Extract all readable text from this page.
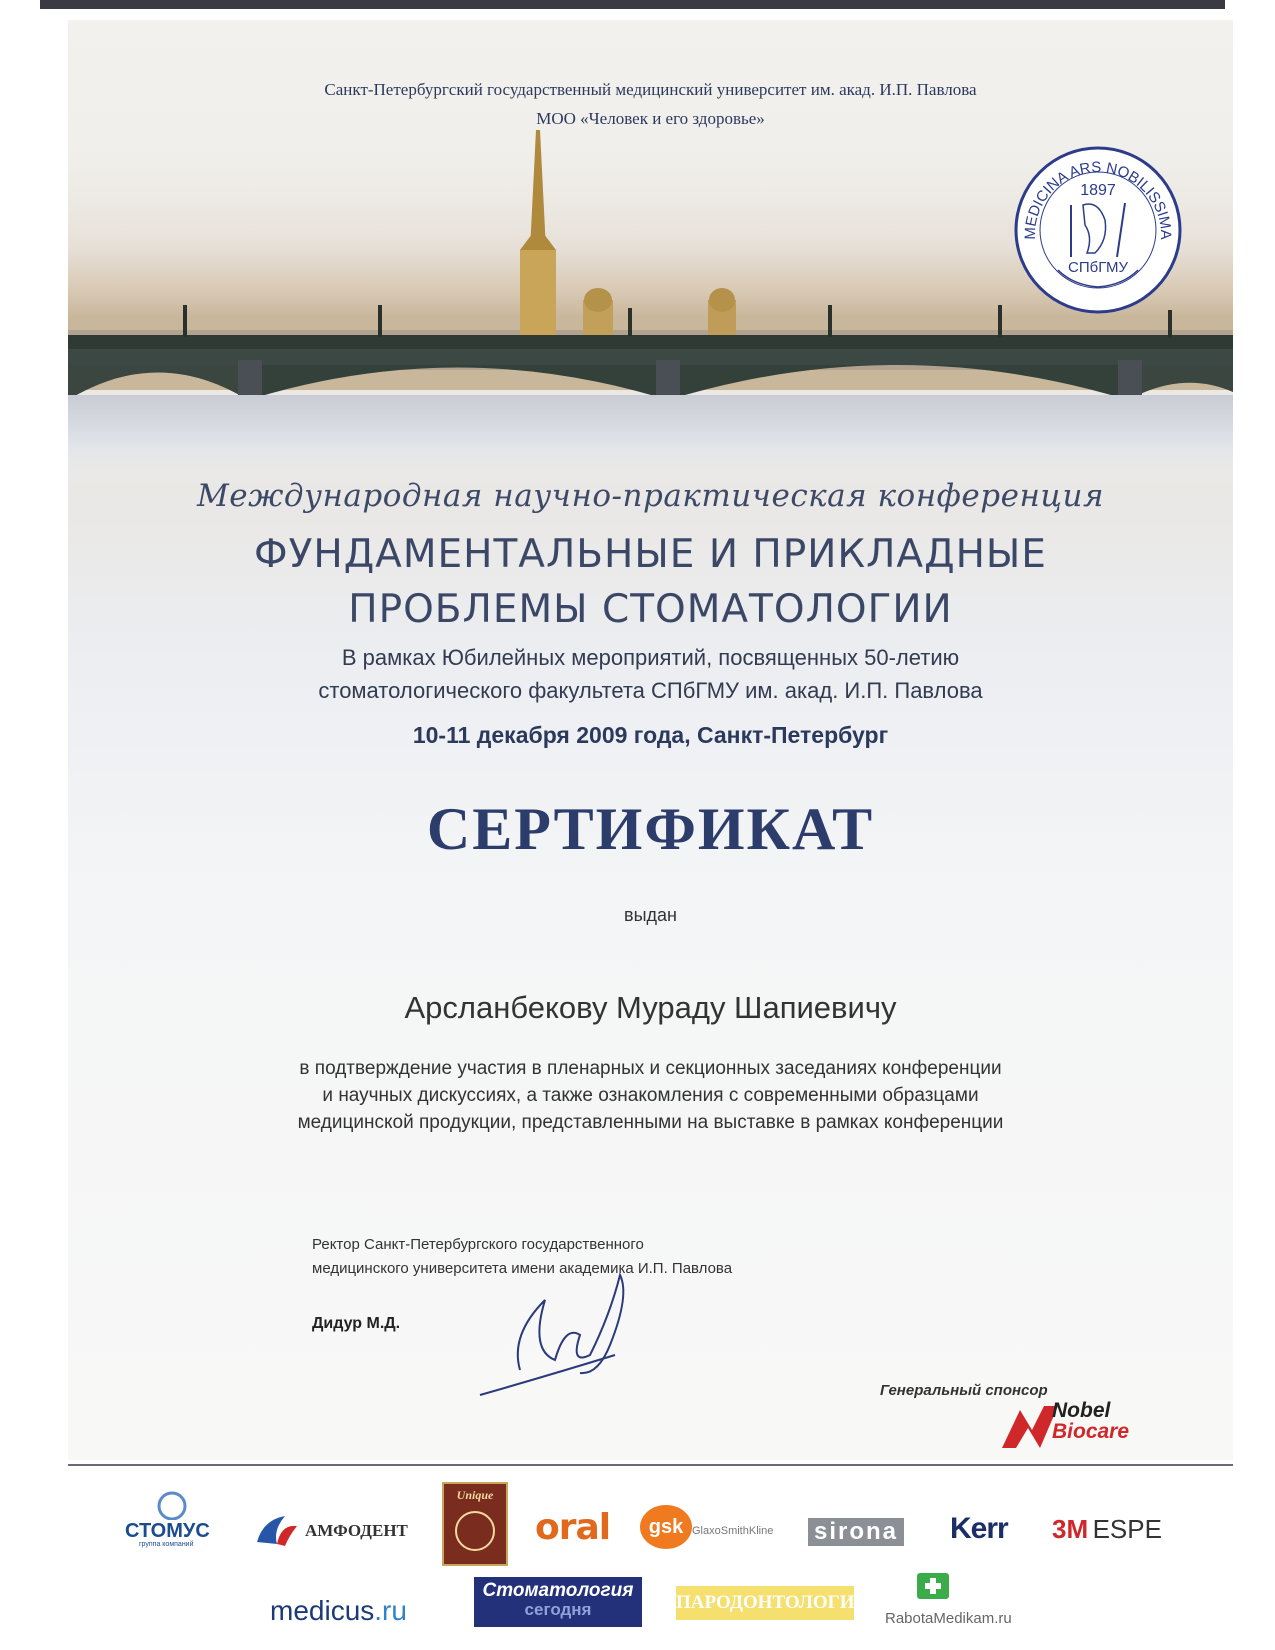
Санкт-Петербургский государственный медицинский университет им. акад. И.П. Павлова
МОО «Человек и его здоровье»
MEDICINA ARS NOBILISSIMA
1897
СПбГМУ
Международная научно-практическая конференция
ФУНДАМЕНТАЛЬНЫЕ И ПРИКЛАДНЫЕ
ПРОБЛЕМЫ СТОМАТОЛОГИИ
В рамках Юбилейных мероприятий, посвященных 50-летию
стоматологического факультета СПбГМУ им. акад. И.П. Павлова
10-11 декабря 2009 года, Санкт-Петербург
СЕРТИФИКАТ
выдан
Арсланбекову Мураду Шапиевичу
в подтверждение участия в пленарных и секционных заседаниях конференции
и научных дискуссиях, а также ознакомления с современными образцами
медицинской продукции, представленными на выставке в рамках конференции
Ректор Санкт-Петербургского государственного
медицинского университета имени академика И.П. Павлова
Дидур М.Д.
Генеральный спонсор
Nobel
Biocare
СТОМУС
группа компаний
АМФОДЕНТ
Unique
oral	gsk GlaxoSmithKline sirona Kerr 3M ESPE
medicus.ru
Стоматология
сегодня	ПАРОДОНТОЛОГИЯ
RabotaMedikam.ru
